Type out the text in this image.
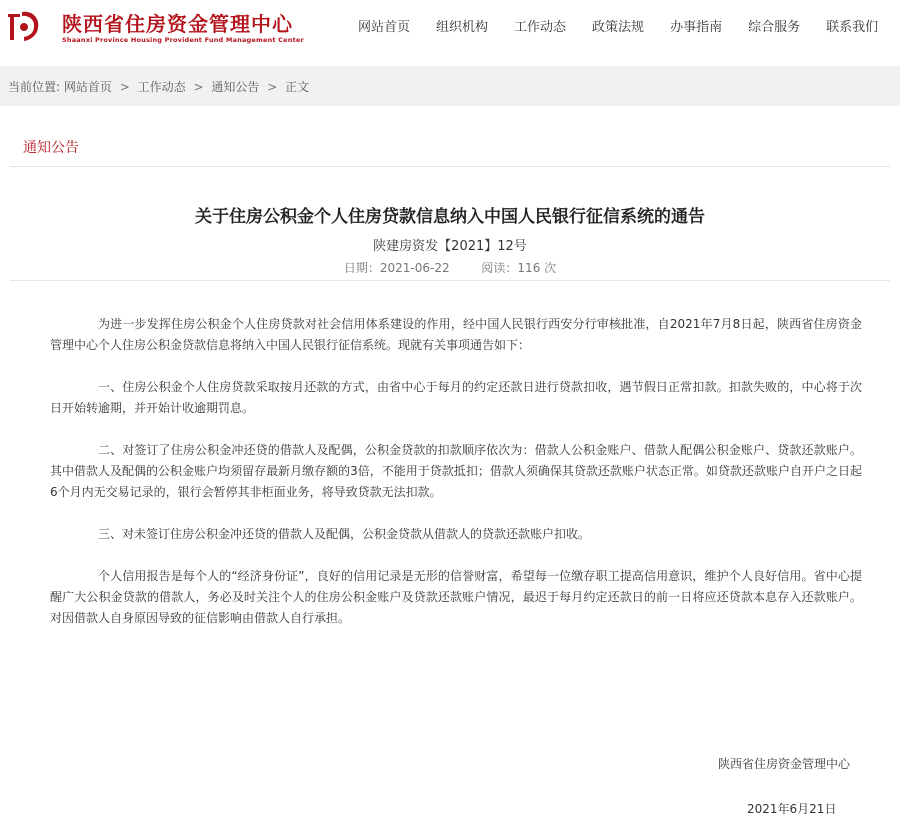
陕西省住房资金管理中心
Shaanxi Province Housing Provident Fund Management Center
网站首页 组织机构 工作动态 政策法规 办事指南 综合服务 联系我们
当前位置: 网站首页 > 工作动态 > 通知公告 > 正文
通知公告
关于住房公积金个人住房贷款信息纳入中国人民银行征信系统的通告
陕建房资发【2021】12号
日期：2021-06-22	阅读：116 次

为进一步发挥住房公积金个人住房贷款对社会信用体系建设的作用，经中国人民银行西安分行审核批准，自2021年7月8日起，陕西省住房资金管理中心个人住房公积金贷款信息将纳入中国人民银行征信系统。现就有关事项通告如下：

一、住房公积金个人住房贷款采取按月还款的方式，由省中心于每月的约定还款日进行贷款扣收，遇节假日正常扣款。扣款失败的，中心将于次日开始转逾期，并开始计收逾期罚息。

二、对签订了住房公积金冲还贷的借款人及配偶，公积金贷款的扣款顺序依次为：借款人公积金账户、借款人配偶公积金账户、贷款还款账户。其中借款人及配偶的公积金账户均须留存最新月缴存额的3倍，不能用于贷款抵扣；借款人须确保其贷款还款账户状态正常。如贷款还款账户自开户之日起6个月内无交易记录的，银行会暂停其非柜面业务，将导致贷款无法扣款。

三、对未签订住房公积金冲还贷的借款人及配偶，公积金贷款从借款人的贷款还款账户扣收。

个人信用报告是每个人的“经济身份证”，良好的信用记录是无形的信誉财富，希望每一位缴存职工提高信用意识，维护个人良好信用。省中心提醒广大公积金贷款的借款人，务必及时关注个人的住房公积金账户及贷款还款账户情况，最迟于每月约定还款日的前一日将应还贷款本息存入还款账户。对因借款人自身原因导致的征信影响由借款人自行承担。

陕西省住房资金管理中心
2021年6月21日
